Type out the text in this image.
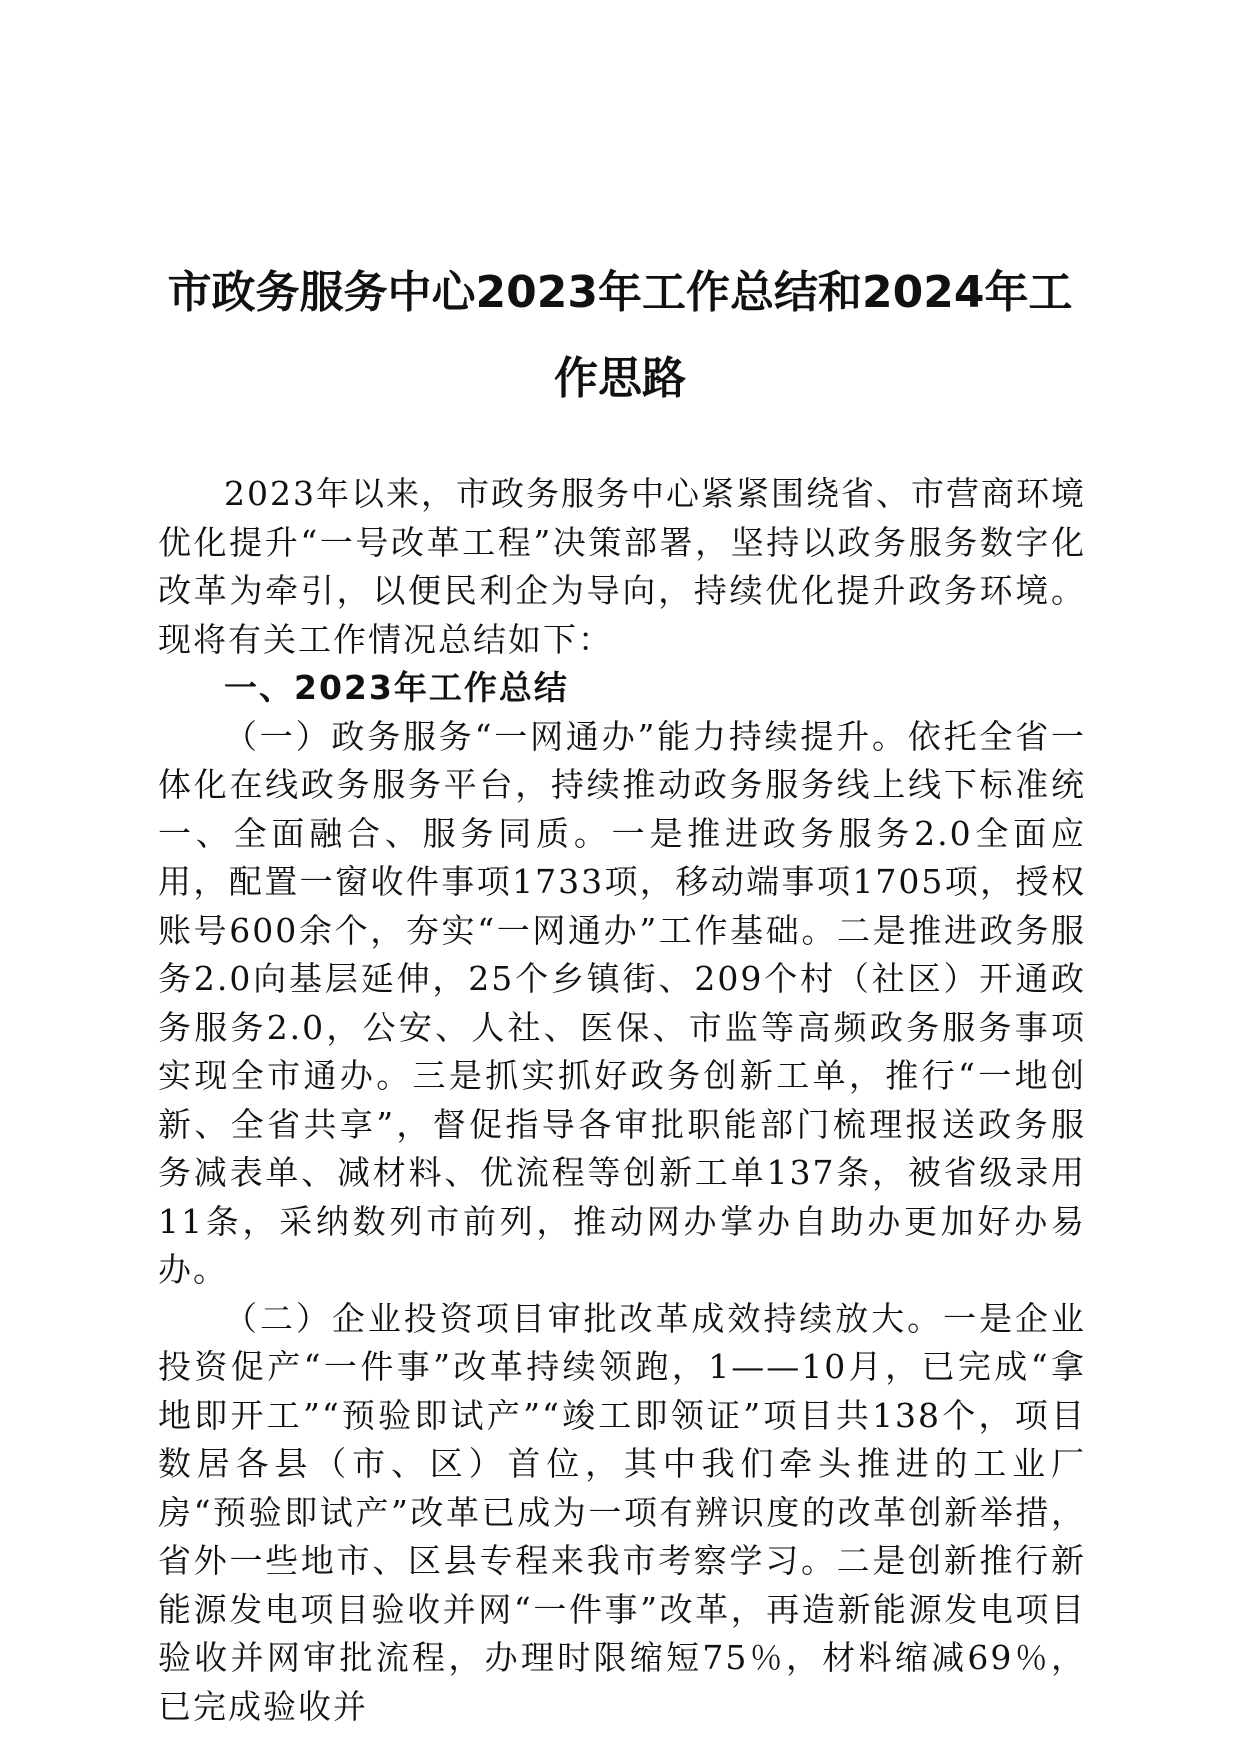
市政务服务中心2023年工作总结和2024年工作思路

2023年以来，市政务服务中心紧紧围绕省、市营商环境优化提升“一号改革工程”决策部署，坚持以政务服务数字化改革为牵引，以便民利企为导向，持续优化提升政务环境。现将有关工作情况总结如下：

一、2023年工作总结

（一）政务服务“一网通办”能力持续提升。依托全省一体化在线政务服务平台，持续推动政务服务线上线下标准统一、全面融合、服务同质。一是推进政务服务2.0全面应用，配置一窗收件事项1733项，移动端事项1705项，授权账号600余个，夯实“一网通办”工作基础。二是推进政务服务2.0向基层延伸，25个乡镇街、209个村（社区）开通政务服务2.0，公安、人社、医保、市监等高频政务服务事项实现全市通办。三是抓实抓好政务创新工单，推行“一地创新、全省共享”，督促指导各审批职能部门梳理报送政务服务减表单、减材料、优流程等创新工单137条，被省级录用11条，采纳数列市前列，推动网办掌办自助办更加好办易办。

（二）企业投资项目审批改革成效持续放大。一是企业投资促产“一件事”改革持续领跑，1——10月，已完成“拿地即开工”“预验即试产”“竣工即领证”项目共138个，项目数居各县（市、区）首位，其中我们牵头推进的工业厂房“预验即试产”改革已成为一项有辨识度的改革创新举措，省外一些地市、区县专程来我市考察学习。二是创新推行新能源发电项目验收并网“一件事”改革，再造新能源发电项目验收并网审批流程，办理时限缩短75％，材料缩减69％，已完成验收并
